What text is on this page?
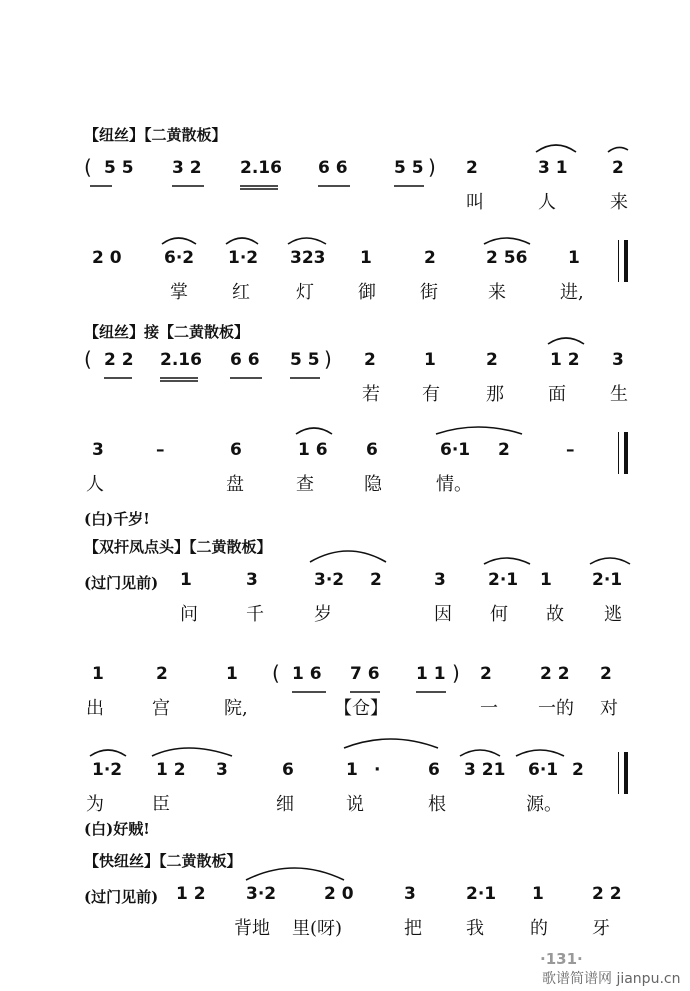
【纽丝】【二黄散板】
【纽丝】接【二黄散板】
【双扞凤点头】【二黄散板】
【快纽丝】【二黄散板】
( 5 5 3 2 2.16 6 6	5 5 ) 2	3 1	2
叫	人	来
2 0 6·2 1·2 323 1	2	2 56 1
掌 红	灯 御 街	来	进,
( 2 2 2.16 6 6 5 5 ) 2	1	2	1 2 3
若 有	那 面 生
3	–	6	1 6 6	6·1 2	–
人	盘	查	隐	情。
(白)千岁!
(过门见前) 1	3	3·2 2	3 2·1 1 2·1
问	千	岁	因 何 故 逃
1	2	1 ( 1 6 7 6 1 1 ) 2	2 2 2
出	宫	院,	【仓】	一 一的 对
1·2 1 2 3	6	1 ·	6 3 21 6·1 2
为	臣	细	说	根	源。
(白)好贼!
(过门见前) 1 2 3·2	2 0	3	2·1 1	2 2
背地 里(呀)	把 我	的 牙
·131·
歌谱简谱网 jianpu.cn
